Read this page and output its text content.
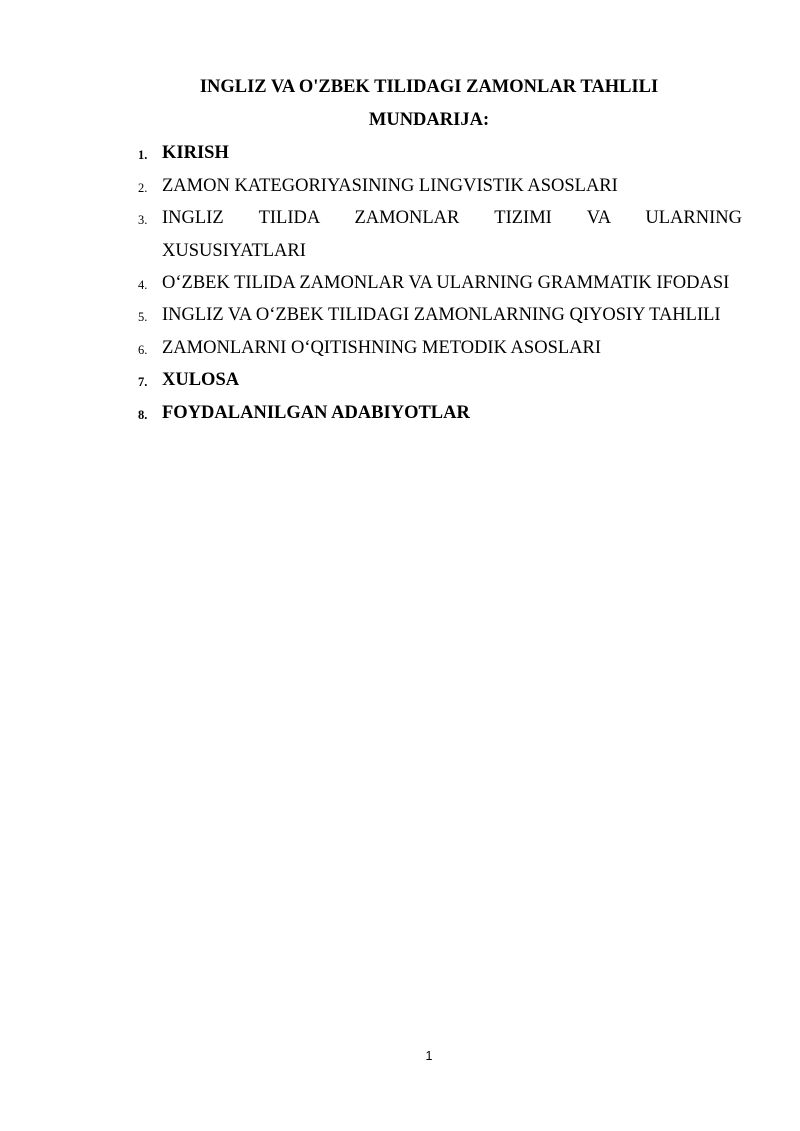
INGLIZ VA O'ZBEK TILIDAGI ZAMONLAR TAHLILI
MUNDARIJA:
1. KIRISH
2. ZAMON KATEGORIYASINING LINGVISTIK ASOSLARI
3. INGLIZ TILIDA ZAMONLAR TIZIMI VA ULARNING
XUSUSIYATLARI
4. O‘ZBEK TILIDA ZAMONLAR VA ULARNING GRAMMATIK IFODASI
5. INGLIZ VA O‘ZBEK TILIDAGI ZAMONLARNING QIYOSIY TAHLILI
6. ZAMONLARNI O‘QITISHNING METODIK ASOSLARI
7. XULOSA
8. FOYDALANILGAN ADABIYOTLAR
1
